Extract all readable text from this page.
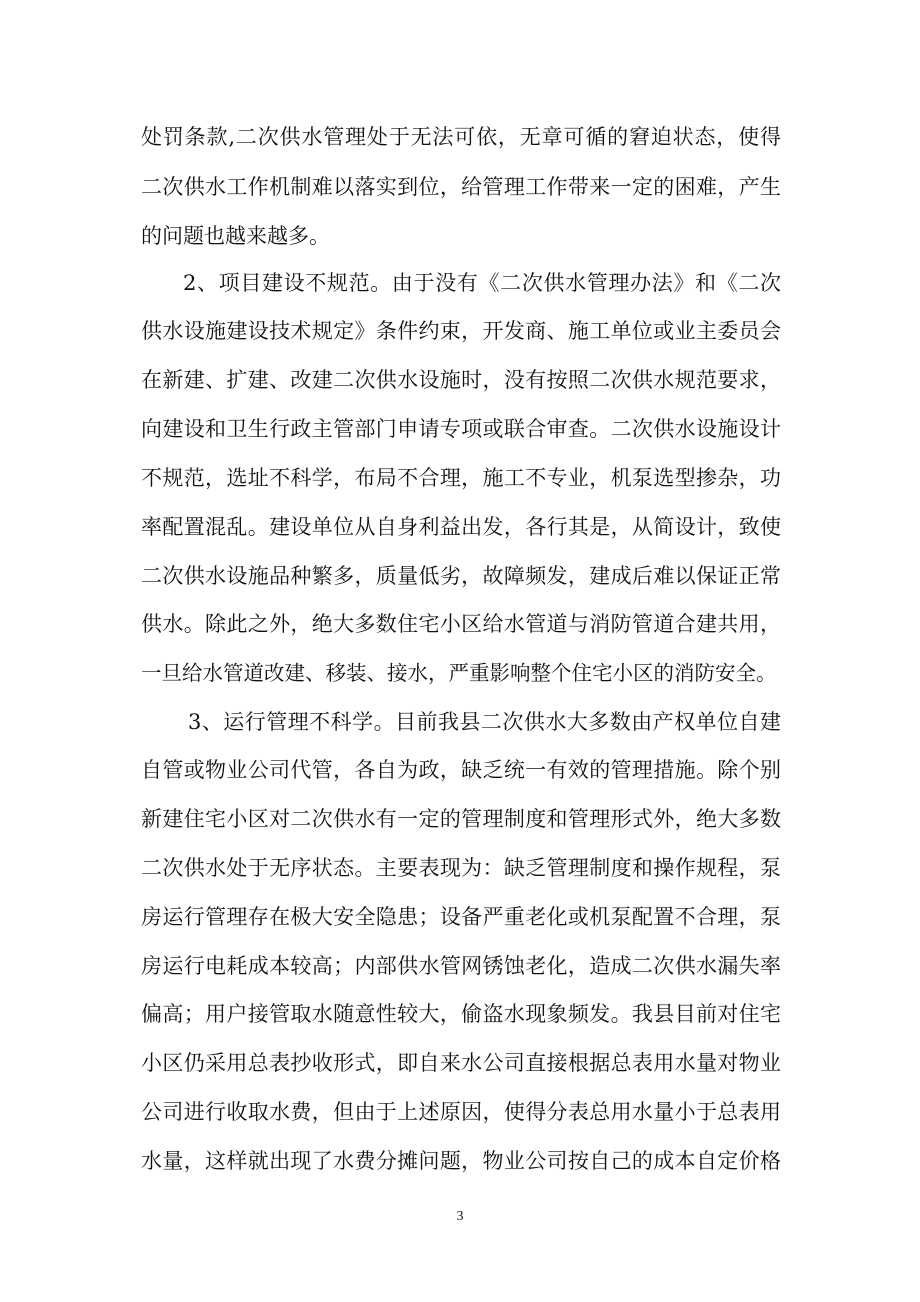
处罚条款,二次供水管理处于无法可依，无章可循的窘迫状态，使得
二次供水工作机制难以落实到位，给管理工作带来一定的困难，产生
的问题也越来越多。
2、项目建设不规范。由于没有《二次供水管理办法》和《二次
供水设施建设技术规定》条件约束，开发商、施工单位或业主委员会
在新建、扩建、改建二次供水设施时，没有按照二次供水规范要求，
向建设和卫生行政主管部门申请专项或联合审查。二次供水设施设计
不规范，选址不科学，布局不合理，施工不专业，机泵选型掺杂，功
率配置混乱。建设单位从自身利益出发，各行其是，从简设计，致使
二次供水设施品种繁多，质量低劣，故障频发，建成后难以保证正常
供水。除此之外，绝大多数住宅小区给水管道与消防管道合建共用，
一旦给水管道改建、移装、接水，严重影响整个住宅小区的消防安全。
3、运行管理不科学。目前我县二次供水大多数由产权单位自建
自管或物业公司代管，各自为政，缺乏统一有效的管理措施。除个别
新建住宅小区对二次供水有一定的管理制度和管理形式外，绝大多数
二次供水处于无序状态。主要表现为：缺乏管理制度和操作规程，泵
房运行管理存在极大安全隐患；设备严重老化或机泵配置不合理，泵
房运行电耗成本较高；内部供水管网锈蚀老化，造成二次供水漏失率
偏高；用户接管取水随意性较大，偷盗水现象频发。我县目前对住宅
小区仍采用总表抄收形式，即自来水公司直接根据总表用水量对物业
公司进行收取水费，但由于上述原因，使得分表总用水量小于总表用
水量，这样就出现了水费分摊问题，物业公司按自己的成本自定价格
3
